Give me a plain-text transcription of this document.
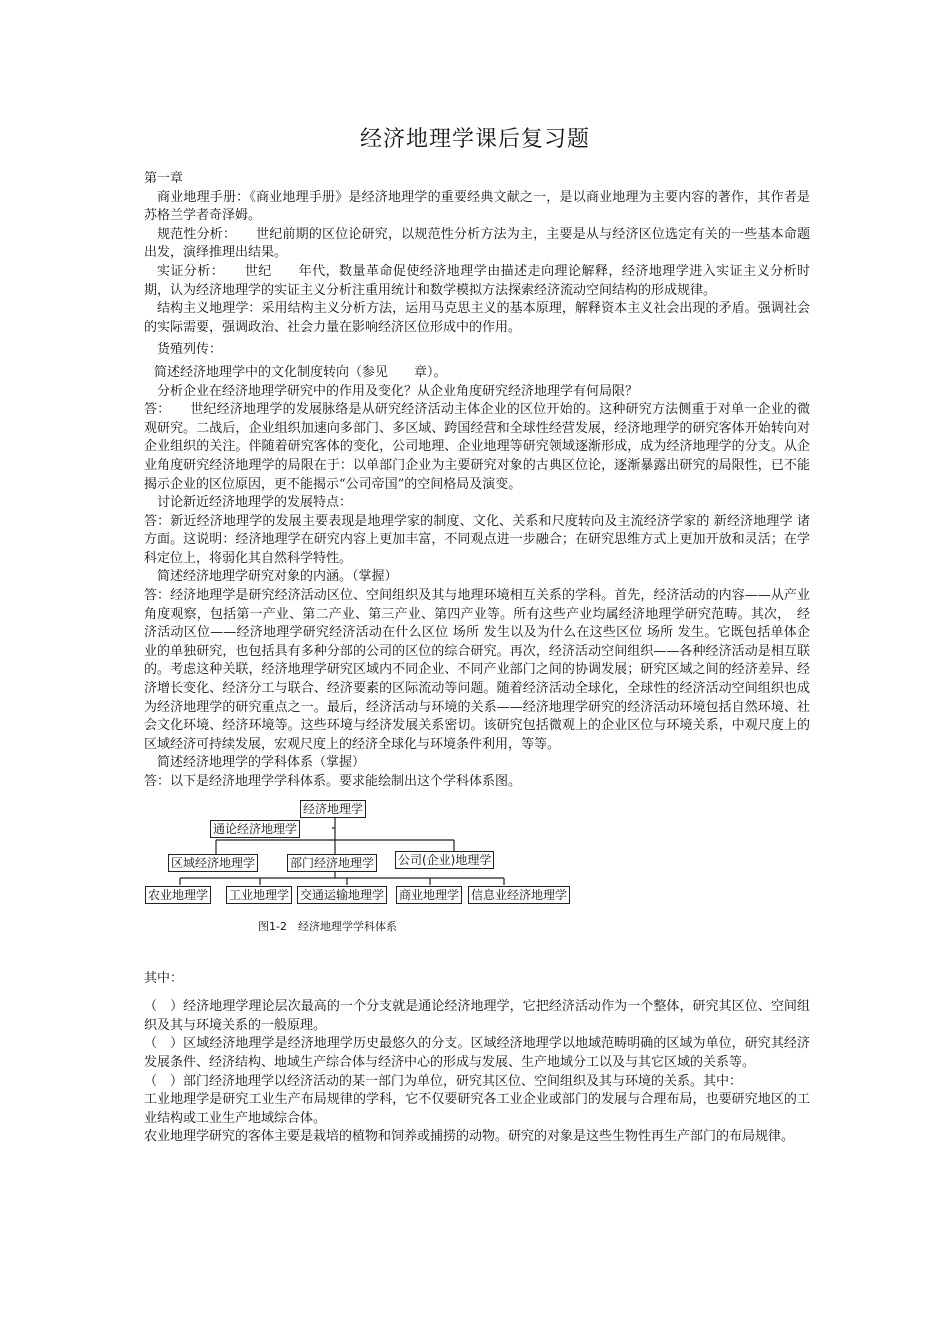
经济地理学课后复习题

第一章

商业地理手册：《商业地理手册》是经济地理学的重要经典文献之一，是以商业地理为主要内容的著作，其作者是苏格兰学者奇泽姆。

规范性分析：　　世纪前期的区位论研究，以规范性分析方法为主，主要是从与经济区位选定有关的一些基本命题出发，演绎推理出结果。

实证分析：　　世纪　　年代，数量革命促使经济地理学由描述走向理论解释，经济地理学进入实证主义分析时期，认为经济地理学的实证主义分析注重用统计和数学模拟方法探索经济流动空间结构的形成规律。

结构主义地理学：采用结构主义分析方法，运用马克思主义的基本原理，解释资本主义社会出现的矛盾。强调社会的实际需要，强调政治、社会力量在影响经济区位形成中的作用。

货殖列传：

简述经济地理学中的文化制度转向（参见　　章）。

分析企业在经济地理学研究中的作用及变化？从企业角度研究经济地理学有何局限？

答：　　世纪经济地理学的发展脉络是从研究经济活动主体企业的区位开始的。这种研究方法侧重于对单一企业的微观研究。二战后，企业组织加速向多部门、多区域、跨国经营和全球性经营发展，经济地理学的研究客体开始转向对企业组织的关注。伴随着研究客体的变化，公司地理、企业地理等研究领域逐渐形成，成为经济地理学的分支。从企业角度研究经济地理学的局限在于：以单部门企业为主要研究对象的古典区位论，逐渐暴露出研究的局限性，已不能揭示企业的区位原因，更不能揭示“公司帝国”的空间格局及演变。

讨论新近经济地理学的发展特点：

答：新近经济地理学的发展主要表现是地理学家的制度、文化、关系和尺度转向及主流经济学家的 新经济地理学 诸方面。这说明：经济地理学在研究内容上更加丰富，不同观点进一步融合；在研究思维方式上更加开放和灵活；在学科定位上，将弱化其自然科学特性。

简述经济地理学研究对象的内涵。（掌握）

答：经济地理学是研究经济活动区位、空间组织及其与地理环境相互关系的学科。首先，经济活动的内容——从产业角度观察，包括第一产业、第二产业、第三产业、第四产业等。所有这些产业均属经济地理学研究范畴。其次，　经济活动区位——经济地理学研究经济活动在什么区位 场所 发生以及为什么在这些区位 场所 发生。它既包括单体企业的单独研究，也包括具有多种分部的公司的区位的综合研究。再次，经济活动空间组织——各种经济活动是相互联的。考虑这种关联，经济地理学研究区域内不同企业、不同产业部门之间的协调发展；研究区域之间的经济差异、经济增长变化、经济分工与联合、经济要素的区际流动等问题。随着经济活动全球化，全球性的经济活动空间组织也成为经济地理学的研究重点之一。最后，经济活动与环境的关系——经济地理学研究的经济活动环境包括自然环境、社会文化环境、经济环境等。这些环境与经济发展关系密切。该研究包括微观上的企业区位与环境关系，中观尺度上的区域经济可持续发展，宏观尺度上的经济全球化与环境条件利用，等等。

简述经济地理学的学科体系（掌握）

答：以下是经济地理学学科体系。要求能绘制出这个学科体系图。

经济地理学
通论经济地理学
区域经济地理学	部门经济地理学 公司(企业)地理学
农业地理学 工业地理学 交通运输地理学 商业地理学 信息业经济地理学
图1-2　经济地理学学科体系

其中：

（　）经济地理学理论层次最高的一个分支就是通论经济地理学，它把经济活动作为一个整体，研究其区位、空间组织及其与环境关系的一般原理。

（　）区域经济地理学是经济地理学历史最悠久的分支。区域经济地理学以地域范畴明确的区域为单位，研究其经济发展条件、经济结构、地域生产综合体与经济中心的形成与发展、生产地域分工以及与其它区域的关系等。

（　）部门经济地理学以经济活动的某一部门为单位，研究其区位、空间组织及其与环境的关系。其中：

工业地理学是研究工业生产布局规律的学科，它不仅要研究各工业企业或部门的发展与合理布局，也要研究地区的工业结构或工业生产地域综合体。

农业地理学研究的客体主要是栽培的植物和饲养或捕捞的动物。研究的对象是这些生物性再生产部门的布局规律。
